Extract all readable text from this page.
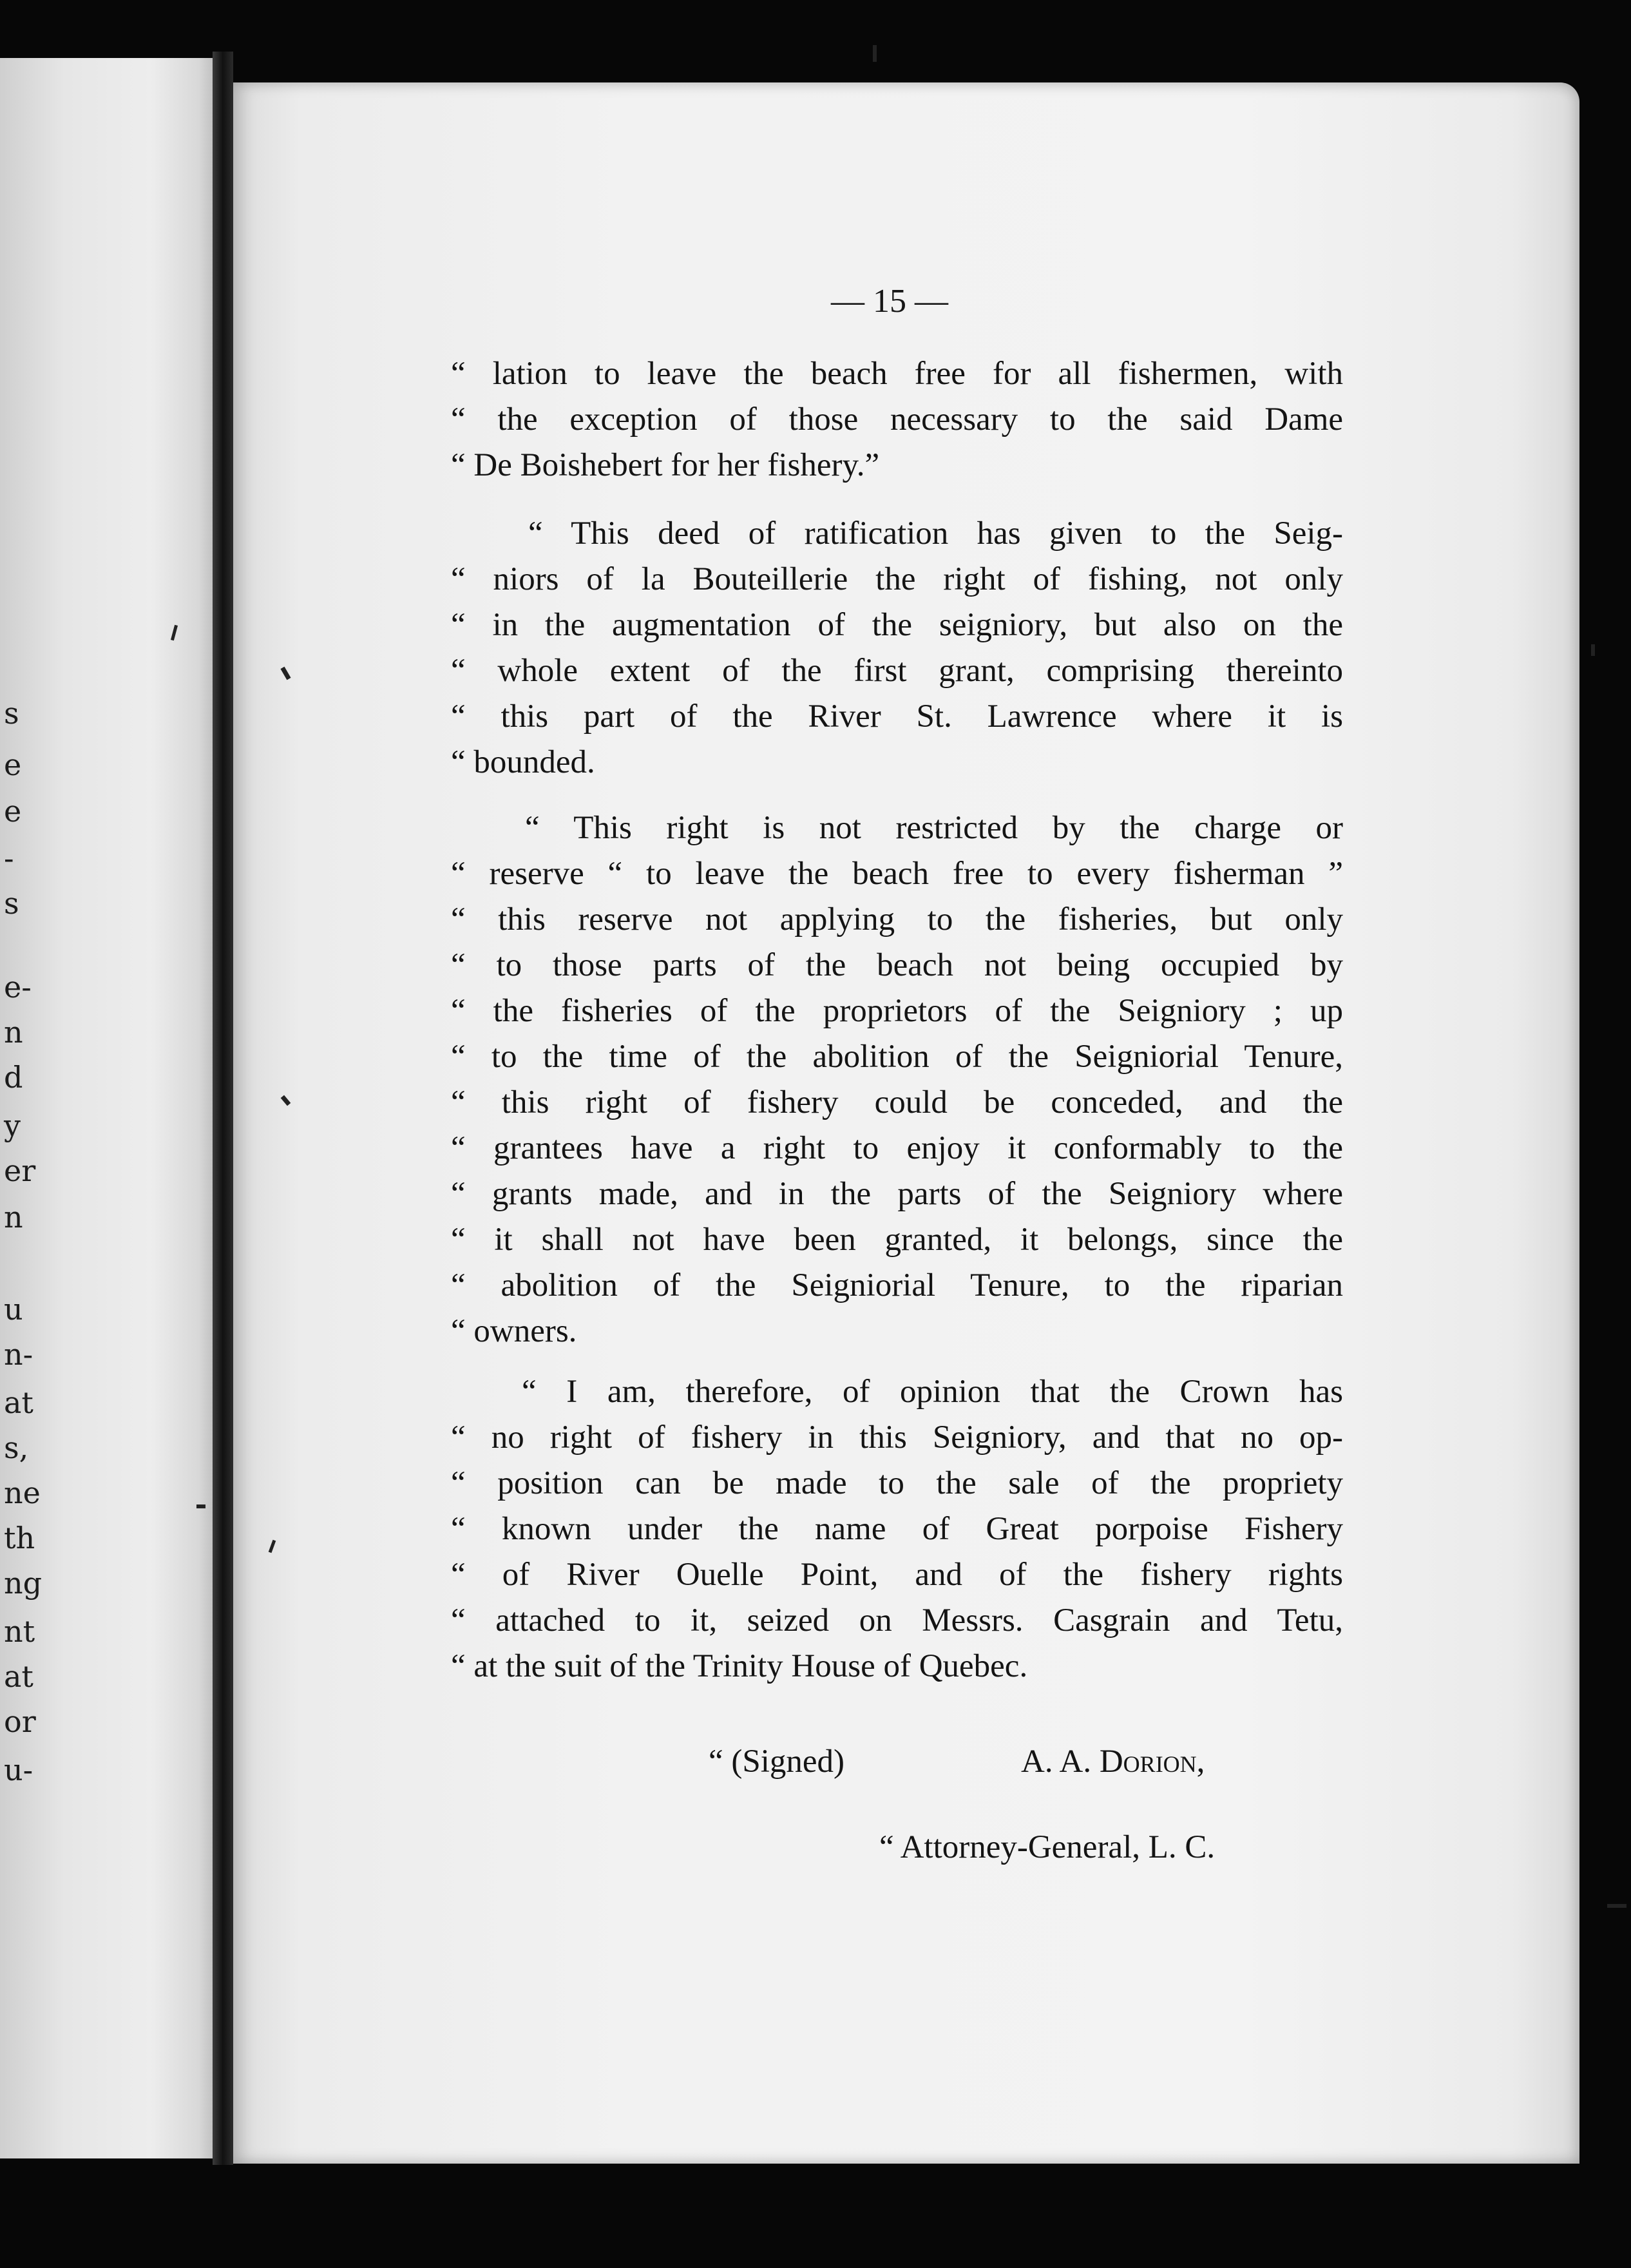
s
e
e
-
s
e-
n
d
y
er
n
u
n-
at
s,
ne
th
ng
nt
at
or
u-
— 15 —
“ lation to leave the beach free for all fishermen, with
“ the exception of those necessary to the said Dame
“ De Boishebert for her fishery.”
“ This deed of ratification has given to the Seig-
“ niors of la Bouteillerie the right of fishing, not only
“ in the augmentation of the seigniory, but also on the
“ whole extent of the first grant, comprising thereinto
“ this part of the River St. Lawrence where it is
“ bounded.
“ This right is not restricted by the charge or
“ reserve “ to leave the beach free to every fisherman ”
“ this reserve not applying to the fisheries, but only
“ to those parts of the beach not being occupied by
“ the fisheries of the proprietors of the Seigniory ; up
“ to the time of the abolition of the Seigniorial Tenure,
“ this right of fishery could be conceded, and the
“ grantees have a right to enjoy it conformably to the
“ grants made, and in the parts of the Seigniory where
“ it shall not have been granted, it belongs, since the
“ abolition of the Seigniorial Tenure, to the riparian
“ owners.
“ I am, therefore, of opinion that the Crown has
“ no right of fishery in this Seigniory, and that no op-
“ position can be made to the sale of the propriety
“ known under the name of Great porpoise Fishery
“ of River Ouelle Point, and of the fishery rights
“ attached to it, seized on Messrs. Casgrain and Tetu,
“ at the suit of the Trinity House of Quebec.
“ (Signed)	A. A. Dorion,
“ Attorney-General, L. C.
